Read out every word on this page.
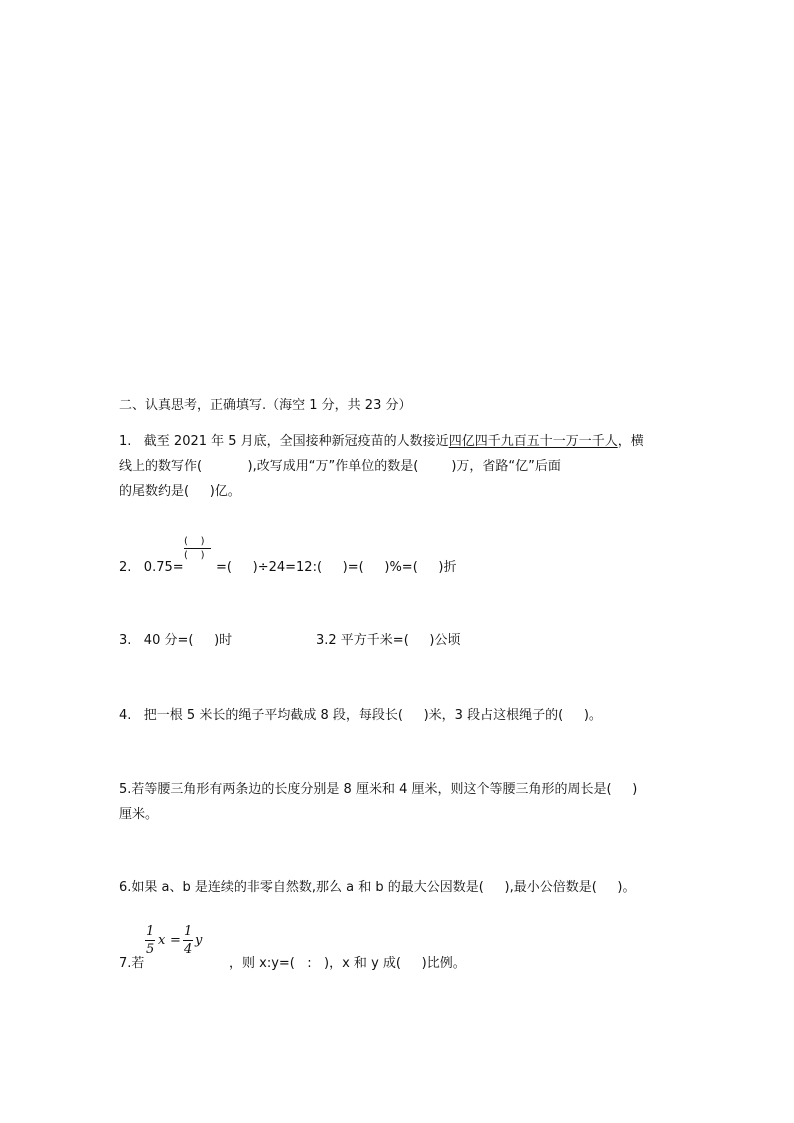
二、认真思考，正确填写.（海空 1 分，共 23 分）
1.   截至 2021 年 5 月底，全国接种新冠疫苗的人数接近四亿四千九百五十一万一千人，横
线上的数写作(           ),改写成用“万”作单位的数是(        )万，省路“亿”后面
的尾数约是(     )亿。
(    )
(    )
2.   0.75= =(     )÷24=12:(     )=(     )%=(     )折
3.   40 分=(     )时	3.2 平方千米=(     )公顷
4.   把一根 5 米长的绳子平均截成 8 段，每段长(     )米，3 段占这根绳子的(     )。
5.若等腰三角形有两条边的长度分别是 8 厘米和 4 厘米，则这个等腰三角形的周长是(     )
厘米。
6.如果 a、b 是连续的非零自然数,那么 a 和 b 的最大公因数是(     ),最小公倍数是(     )。
1
5
x =
1
4
y
7.若	，则 x:y=(   :   )，x 和 y 成(     )比例。
